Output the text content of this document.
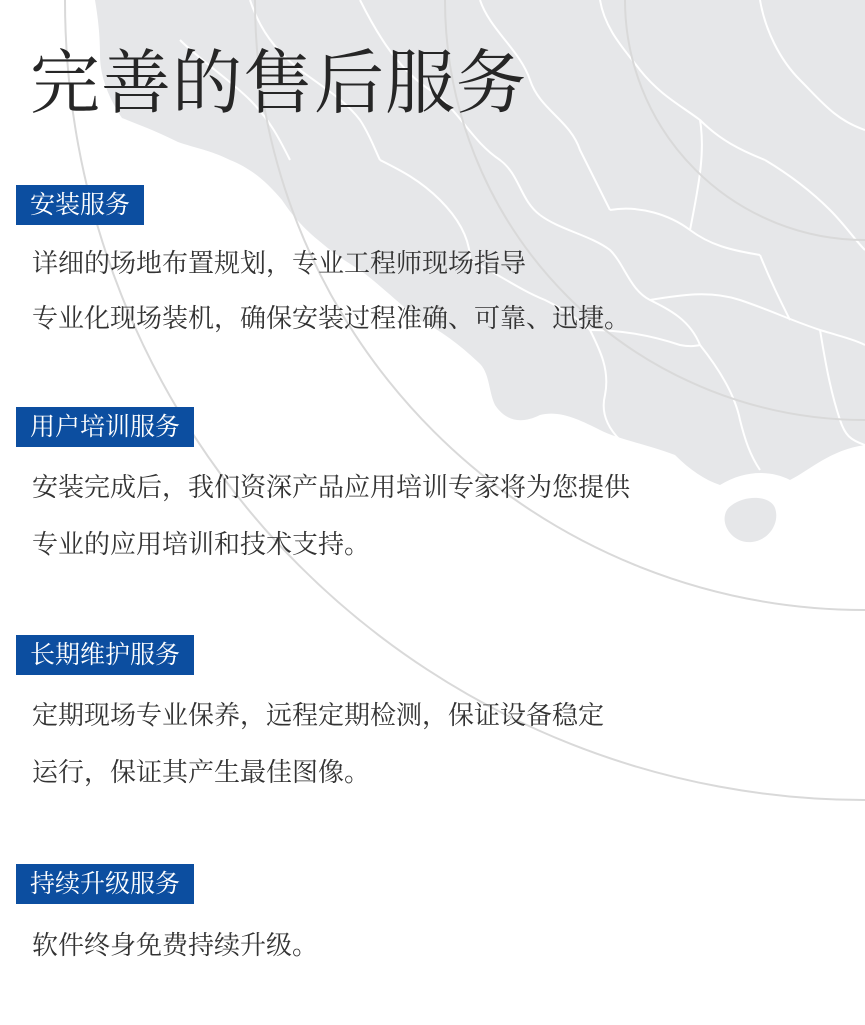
完善的售后服务
安装服务
详细的场地布置规划，专业工程师现场指导
专业化现场装机，确保安装过程准确、可靠、迅捷。
用户培训服务
安装完成后，我们资深产品应用培训专家将为您提供
专业的应用培训和技术支持。
长期维护服务
定期现场专业保养，远程定期检测，保证设备稳定
运行，保证其产生最佳图像。
持续升级服务
软件终身免费持续升级。
